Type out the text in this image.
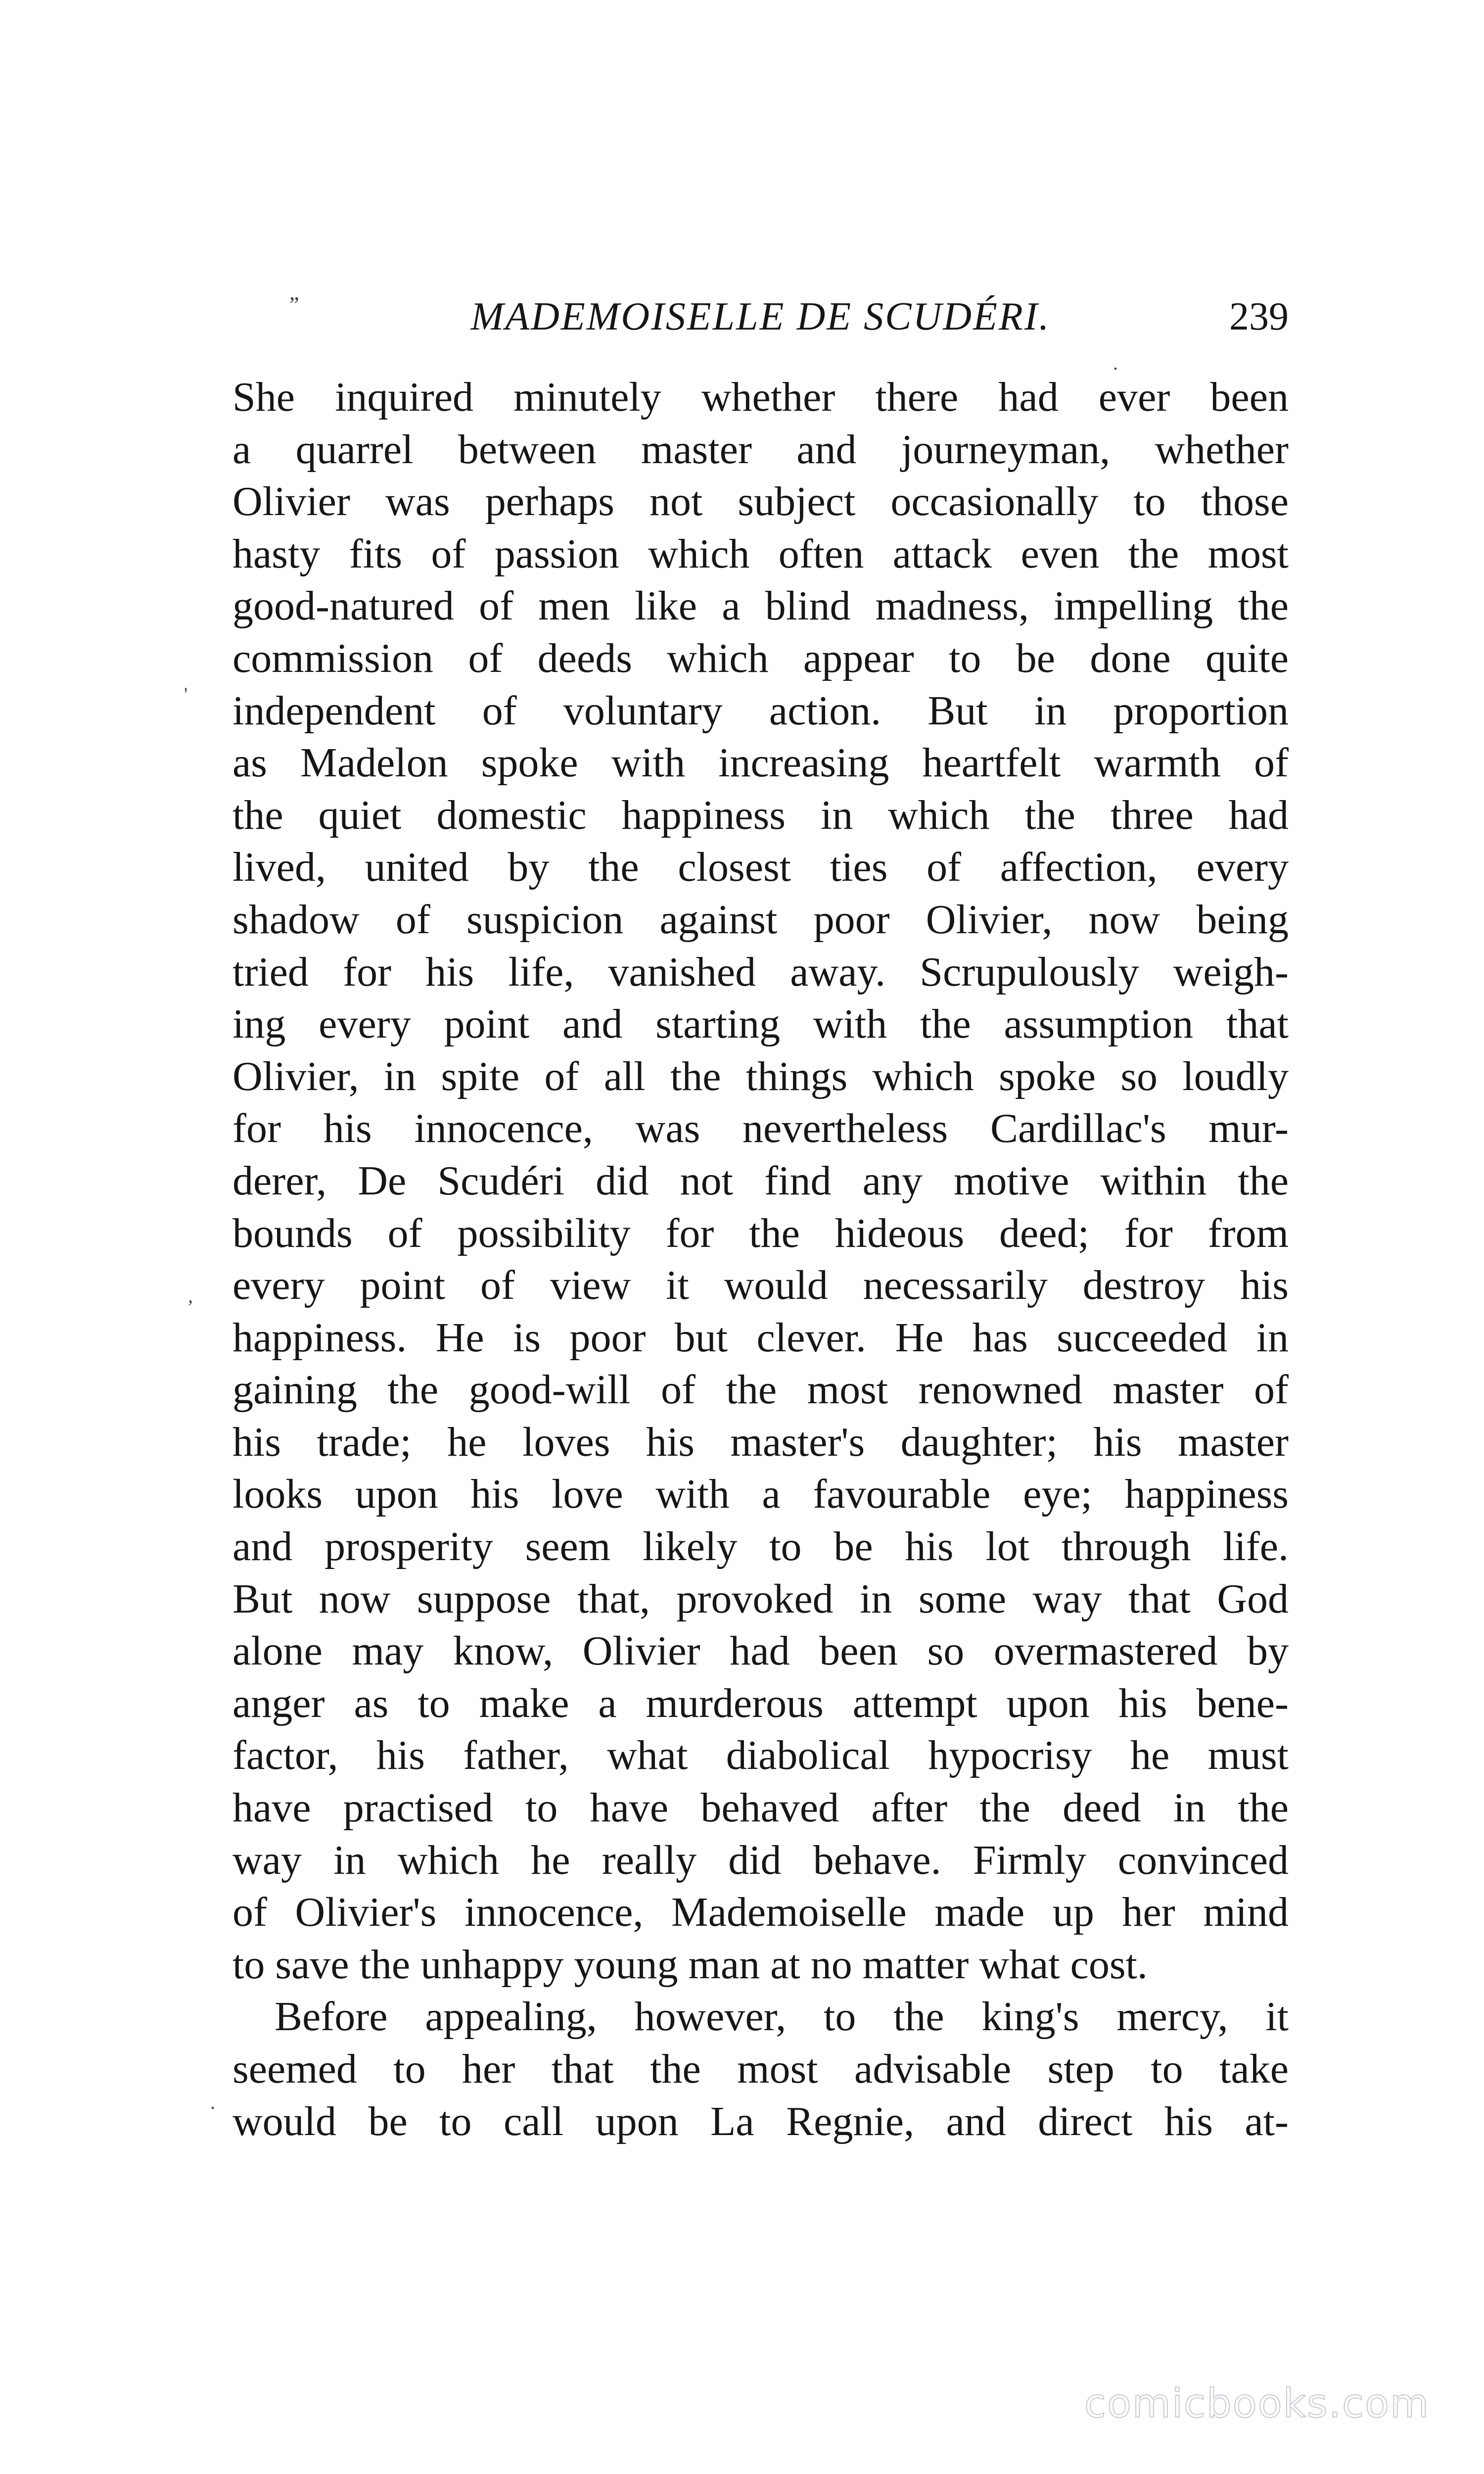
”	MADEMOISELLE DE SCUDÉRI.	239
.
'
,
.
She inquired minutely whether there had ever been
a quarrel between master and journeyman, whether
Olivier was perhaps not subject occasionally to those
hasty fits of passion which often attack even the most
good-natured of men like a blind madness, impelling the
commission of deeds which appear to be done quite
independent of voluntary action. But in proportion
as Madelon spoke with increasing heartfelt warmth of
the quiet domestic happiness in which the three had
lived, united by the closest ties of affection, every
shadow of suspicion against poor Olivier, now being
tried for his life, vanished away. Scrupulously weigh-
ing every point and starting with the assumption that
Olivier, in spite of all the things which spoke so loudly
for his innocence, was nevertheless Cardillac's mur-
derer, De Scudéri did not find any motive within the
bounds of possibility for the hideous deed; for from
every point of view it would necessarily destroy his
happiness. He is poor but clever. He has succeeded in
gaining the good-will of the most renowned master of
his trade; he loves his master's daughter; his master
looks upon his love with a favourable eye; happiness
and prosperity seem likely to be his lot through life.
But now suppose that, provoked in some way that God
alone may know, Olivier had been so overmastered by
anger as to make a murderous attempt upon his bene-
factor, his father, what diabolical hypocrisy he must
have practised to have behaved after the deed in the
way in which he really did behave. Firmly convinced
of Olivier's innocence, Mademoiselle made up her mind
to save the unhappy young man at no matter what cost.
Before appealing, however, to the king's mercy, it
seemed to her that the most advisable step to take
would be to call upon La Regnie, and direct his at-
comicbooks.com
